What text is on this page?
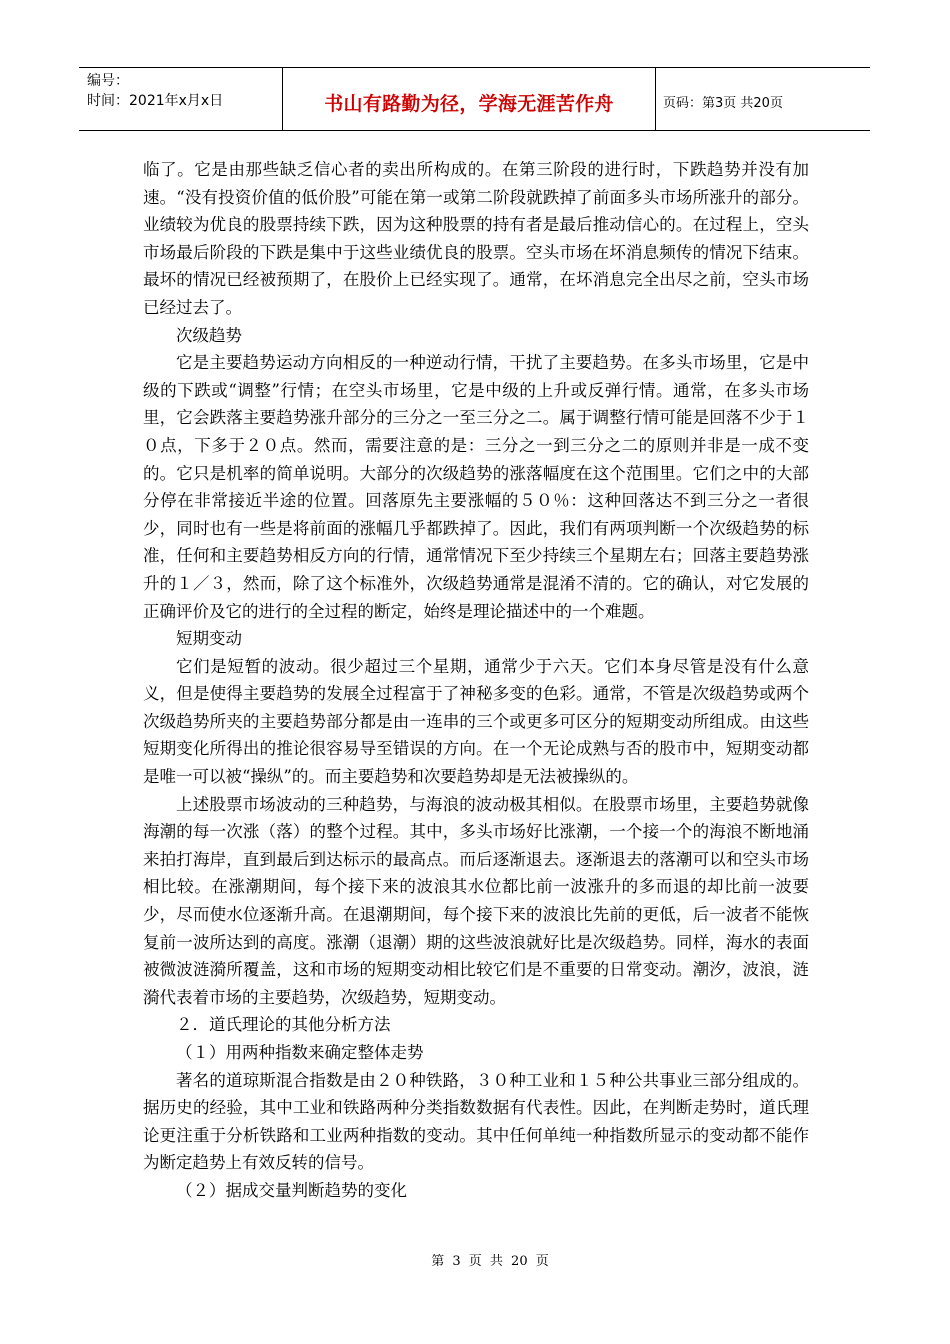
编号：
时间：2021年x月x日	书山有路勤为径，学海无涯苦作舟	页码：第3页 共20页

临了。它是由那些缺乏信心者的卖出所构成的。在第三阶段的进行时，下跌趋势并没有加速。“没有投资价值的低价股”可能在第一或第二阶段就跌掉了前面多头市场所涨升的部分。业绩较为优良的股票持续下跌，因为这种股票的持有者是最后推动信心的。在过程上，空头市场最后阶段的下跌是集中于这些业绩优良的股票。空头市场在坏消息频传的情况下结束。最坏的情况已经被预期了，在股价上已经实现了。通常，在坏消息完全出尽之前，空头市场已经过去了。

次级趋势

它是主要趋势运动方向相反的一种逆动行情，干扰了主要趋势。在多头市场里，它是中级的下跌或“调整”行情；在空头市场里，它是中级的上升或反弹行情。通常，在多头市场里，它会跌落主要趋势涨升部分的三分之一至三分之二。属于调整行情可能是回落不少于１０点，下多于２０点。然而，需要注意的是：三分之一到三分之二的原则并非是一成不变的。它只是机率的简单说明。大部分的次级趋势的涨落幅度在这个范围里。它们之中的大部分停在非常接近半途的位置。回落原先主要涨幅的５０％：这种回落达不到三分之一者很少，同时也有一些是将前面的涨幅几乎都跌掉了。因此，我们有两项判断一个次级趋势的标准，任何和主要趋势相反方向的行情，通常情况下至少持续三个星期左右；回落主要趋势涨升的１／３，然而，除了这个标准外，次级趋势通常是混淆不清的。它的确认，对它发展的正确评价及它的进行的全过程的断定，始终是理论描述中的一个难题。

短期变动

它们是短暂的波动。很少超过三个星期，通常少于六天。它们本身尽管是没有什么意义，但是使得主要趋势的发展全过程富于了神秘多变的色彩。通常，不管是次级趋势或两个次级趋势所夹的主要趋势部分都是由一连串的三个或更多可区分的短期变动所组成。由这些短期变化所得出的推论很容易导至错误的方向。在一个无论成熟与否的股市中，短期变动都是唯一可以被“操纵”的。而主要趋势和次要趋势却是无法被操纵的。

上述股票市场波动的三种趋势，与海浪的波动极其相似。在股票市场里，主要趋势就像海潮的每一次涨（落）的整个过程。其中，多头市场好比涨潮，一个接一个的海浪不断地涌来拍打海岸，直到最后到达标示的最高点。而后逐渐退去。逐渐退去的落潮可以和空头市场相比较。在涨潮期间，每个接下来的波浪其水位都比前一波涨升的多而退的却比前一波要少，尽而使水位逐渐升高。在退潮期间，每个接下来的波浪比先前的更低，后一波者不能恢复前一波所达到的高度。涨潮（退潮）期的这些波浪就好比是次级趋势。同样，海水的表面被微波涟漪所覆盖，这和市场的短期变动相比较它们是不重要的日常变动。潮汐，波浪，涟漪代表着市场的主要趋势，次级趋势，短期变动。

２．道氏理论的其他分析方法

（１）用两种指数来确定整体走势

著名的道琼斯混合指数是由２０种铁路，３０种工业和１５种公共事业三部分组成的。据历史的经验，其中工业和铁路两种分类指数数据有代表性。因此，在判断走势时，道氏理论更注重于分析铁路和工业两种指数的变动。其中任何单纯一种指数所显示的变动都不能作为断定趋势上有效反转的信号。

（２）据成交量判断趋势的变化

第 3 页 共 20 页
